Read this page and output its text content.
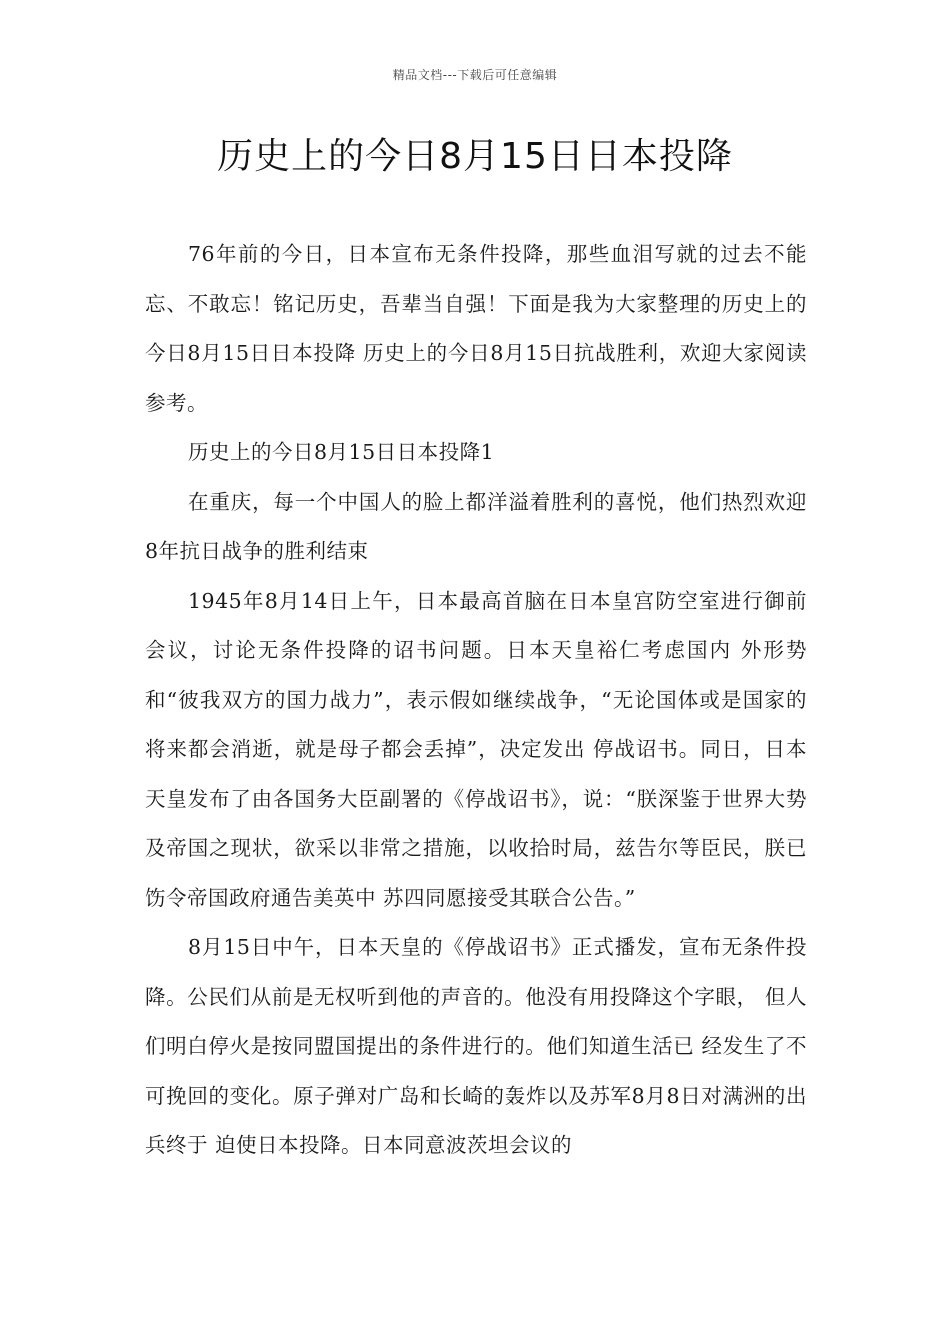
精品文档---下载后可任意编辑
历史上的今日8月15日日本投降

76年前的今日，日本宣布无条件投降，那些血泪写就的过去不能忘、不敢忘！铭记历史，吾辈当自强！下面是我为大家整理的历史上的今日8月15日日本投降 历史上的今日8月15日抗战胜利，欢迎大家阅读参考。

历史上的今日8月15日日本投降1

在重庆，每一个中国人的脸上都洋溢着胜利的喜悦，他们热烈欢迎8年抗日战争的胜利结束

1945年8月14日上午，日本最高首脑在日本皇宫防空室进行御前会议，讨论无条件投降的诏书问题。日本天皇裕仁考虑国内 外形势和“彼我双方的国力战力”，表示假如继续战争，“无论国体或是国家的将来都会消逝，就是母子都会丢掉”，决定发出 停战诏书。同日，日本天皇发布了由各国务大臣副署的《停战诏书》，说：“朕深鉴于世界大势及帝国之现状，欲采以非常之措施，以收拾时局，兹告尔等臣民，朕已饬令帝国政府通告美英中 苏四同愿接受其联合公告。”

8月15日中午，日本天皇的《停战诏书》正式播发，宣布无条件投降。公民们从前是无权听到他的声音的。他没有用投降这个字眼， 但人们明白停火是按同盟国提出的条件进行的。他们知道生活已 经发生了不可挽回的变化。原子弹对广岛和长崎的轰炸以及苏军8月8日对满洲的出兵终于 迫使日本投降。日本同意波茨坦会议的
